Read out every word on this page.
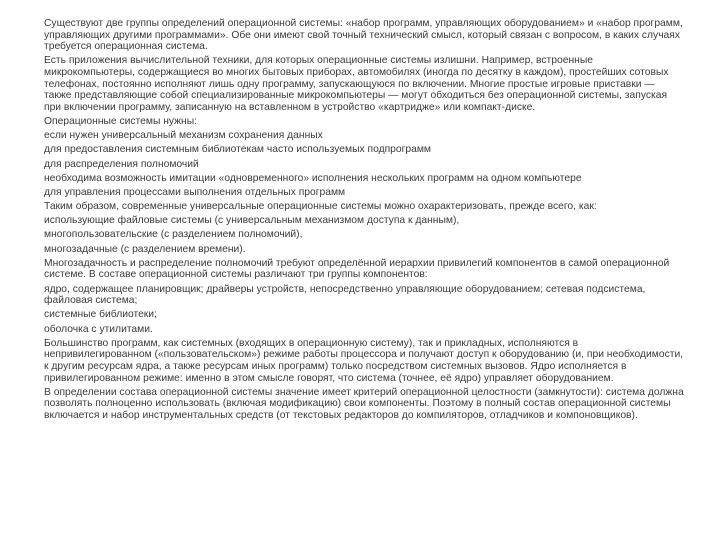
Существуют две группы определений операционной системы: «набор программ, управляющих оборудованием» и «набор программ, управляющих другими программами». Обе они имеют свой точный технический смысл, который связан с вопросом, в каких случаях требуется операционная система.

Есть приложения вычислительной техники, для которых операционные системы излишни. Например, встроенные микрокомпьютеры, содержащиеся во многих бытовых приборах, автомобилях (иногда по десятку в каждом), простейших сотовых телефонах, постоянно исполняют лишь одну программу, запускающуюся по включении. Многие простые игровые приставки — также представляющие собой специализированные микрокомпьютеры — могут обходиться без операционной системы, запуская при включении программу, записанную на вставленном в устройство «картридже» или компакт-диске.

Операционные системы нужны:

если нужен универсальный механизм сохранения данных

для предоставления системным библиотекам часто используемых подпрограмм

для распределения полномочий

необходима возможность имитации «одновременного» исполнения нескольких программ на одном компьютере

для управления процессами выполнения отдельных программ

Таким образом, современные универсальные операционные системы можно охарактеризовать, прежде всего, как:

использующие файловые системы (с универсальным механизмом доступа к данным),

многопользовательские (с разделением полномочий),

многозадачные (с разделением времени).

Многозадачность и распределение полномочий требуют определённой иерархии привилегий компонентов в самой операционной системе. В составе операционной системы различают три группы компонентов:

ядро, содержащее планировщик; драйверы устройств, непосредственно управляющие оборудованием; сетевая подсистема, файловая система;

системные библиотеки;

оболочка с утилитами.

Большинство программ, как системных (входящих в операционную систему), так и прикладных, исполняются в непривилегированном («пользовательском») режиме работы процессора и получают доступ к оборудованию (и, при необходимости, к другим ресурсам ядра, а также ресурсам иных программ) только посредством системных вызовов. Ядро исполняется в привилегированном режиме: именно в этом смысле говорят, что система (точнее, её ядро) управляет оборудованием.

В определении состава операционной системы значение имеет критерий операционной целостности (замкнутости): система должна позволять полноценно использовать (включая модификацию) свои компоненты. Поэтому в полный состав операционной системы включается и набор инструментальных средств (от текстовых редакторов до компиляторов, отладчиков и компоновщиков).
